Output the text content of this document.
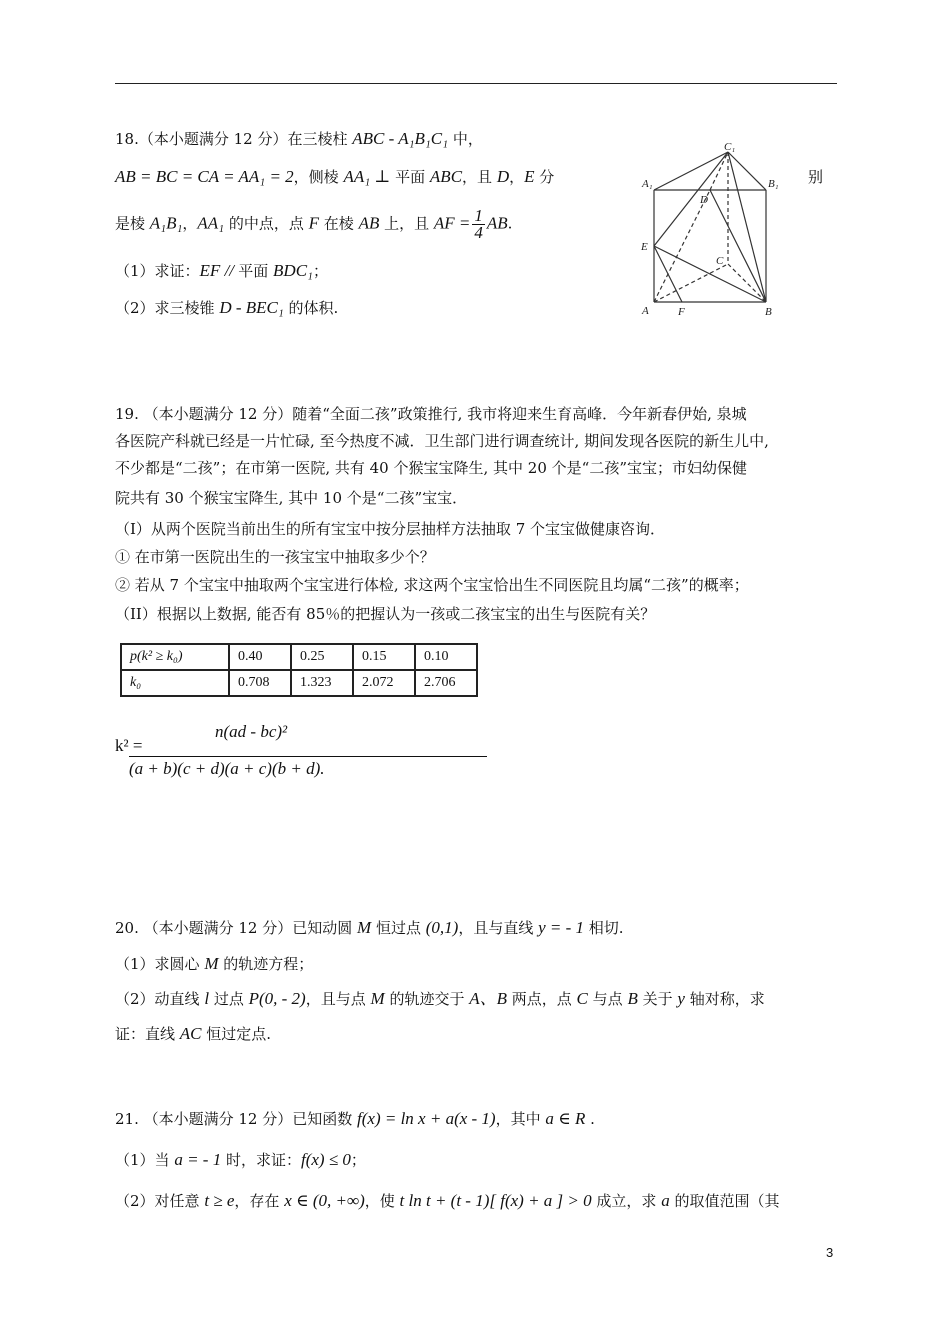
18.（本小题满分 12 分）在三棱柱 ABC - A₁B₁C₁ 中，
AB = BC = CA = AA₁ = 2，侧棱 AA₁ ⊥ 平面 ABC，且 D，E 分	别
是棱 A₁B₁，AA₁ 的中点，点 F 在棱 AB 上，且 AF = $\frac{1}{4}$ AB.
（1）求证：EF // 平面 BDC₁；
（2）求三棱锥 D - BEC₁ 的体积.
C₁
A₁	B₁
D
E
C
A	F	B
19. （本小题满分 12 分）随着“全面二孩”政策推行, 我市将迎来生育高峰．今年新春伊始, 泉城
各医院产科就已经是一片忙碌, 至今热度不减．卫生部门进行调查统计, 期间发现各医院的新生儿中,
不少都是“二孩”；在市第一医院, 共有 40 个猴宝宝降生, 其中 20 个是“二孩”宝宝；市妇幼保健
院共有 30 个猴宝宝降生, 其中 10 个是“二孩”宝宝．
（I）从两个医院当前出生的所有宝宝中按分层抽样方法抽取 7 个宝宝做健康咨询．
① 在市第一医院出生的一孩宝宝中抽取多少个？
② 若从 7 个宝宝中抽取两个宝宝进行体检, 求这两个宝宝恰出生不同医院且均属“二孩”的概率；
（II）根据以上数据, 能否有 85％的把握认为一孩或二孩宝宝的出生与医院有关？
p(k² ≥ k₀)	0.40	0.25	0.15	0.10
k₀	0.708	1.323	2.072	2.706
k² =
n(ad - bc)²
(a + b)(c + d)(a + c)(b + d).
20. （本小题满分 12 分）已知动圆 M 恒过点 (0,1)，且与直线 y = - 1 相切.
（1）求圆心 M 的轨迹方程；
（2）动直线 l 过点 P(0, - 2)，且与点 M 的轨迹交于 A、B 两点，点 C 与点 B 关于 y 轴对称，求
证：直线 AC 恒过定点.
21. （本小题满分 12 分）已知函数 f(x) = ln x + a(x - 1)，其中 a ∈ R .
（1）当 a = - 1 时，求证：f(x) ≤ 0；
（2）对任意 t ≥ e，存在 x ∈ (0, +∞)，使 t ln t + (t - 1)[ f(x) + a ] > 0 成立，求 a 的取值范围（其
3
